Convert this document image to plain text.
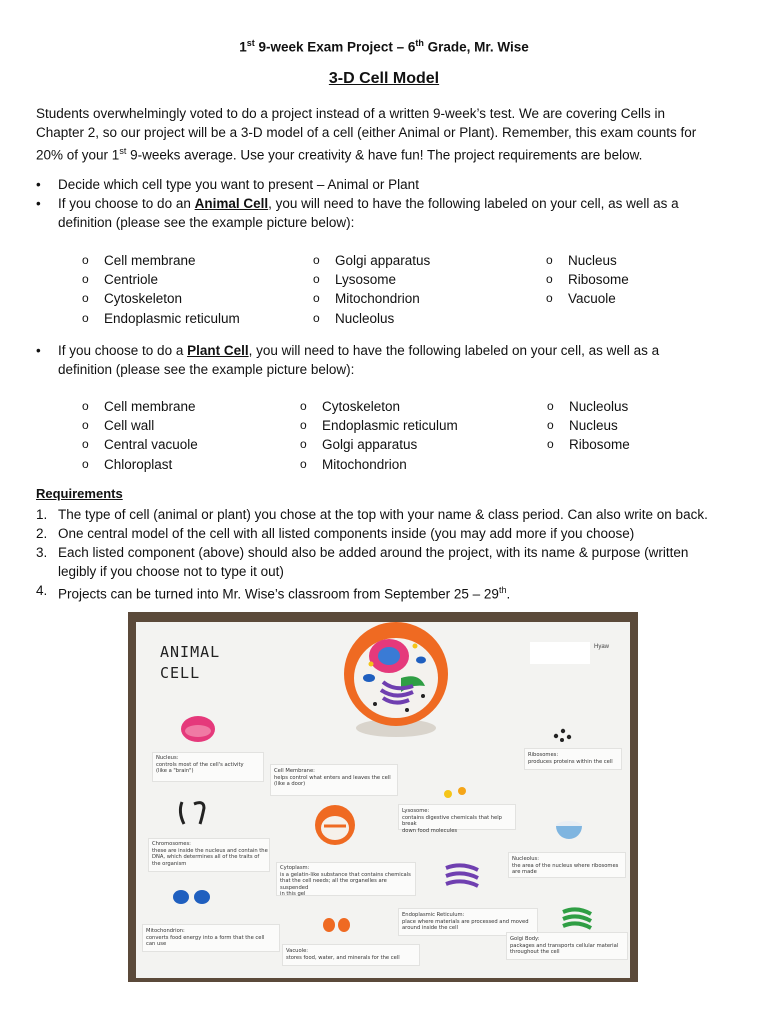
1st 9-week Exam Project – 6th Grade, Mr. Wise
3-D Cell Model
Students overwhelmingly voted to do a project instead of a written 9-week’s test. We are covering Cells in
Chapter 2, so our project will be a 3-D model of a cell (either Animal or Plant). Remember, this exam counts for
20% of your 1st 9-weeks average. Use your creativity & have fun! The project requirements are below.
• Decide which cell type you want to present – Animal or Plant
• If you choose to do an Animal Cell, you will need to have the following labeled on your cell, as well as a
definition (please see the example picture below):
o Cell membrane
o Centriole
o Cytoskeleton
o Endoplasmic reticulum
o Golgi apparatus
o Lysosome
o Mitochondrion
o Nucleolus
o Nucleus
o Ribosome
o Vacuole
• If you choose to do a Plant Cell, you will need to have the following labeled on your cell, as well as a
definition (please see the example picture below):
o Cell membrane
o Cell wall
o Central vacuole
o Chloroplast
o Cytoskeleton
o Endoplasmic reticulum
o Golgi apparatus
o Mitochondrion
o Nucleolus
o Nucleus
o Ribosome
Requirements
1. The type of cell (animal or plant) you chose at the top with your name & class period. Can also write on back.
2. One central model of the cell with all listed components inside (you may add more if you choose)
3. Each listed component (above) should also be added around the project, with its name & purpose (written
legibly if you choose not to type it out)
4. Projects can be turned into Mr. Wise’s classroom from September 25 – 29th.
ANIMAL
CELL
Hyaw
Nucleus:
controls most of the cell's activity
(like a "brain")	Cell Membrane:
helps control what enters and leaves the cell
(like a door)
Ribosomes:
produces proteins within the cell
Lysosome:
contains digestive chemicals that help break
down food molecules
Chromosomes:
these are inside the nucleus and contain the
DNA, which determines all of the traits of
the organism
Cytoplasm:
is a gelatin-like substance that contains chemicals
that the cell needs; all the organelles are suspended
in this gel
Nucleolus:
the area of the nucleus where ribosomes
are made
Endoplasmic Reticulum:
place where materials are processed and moved
around inside the cell
Mitochondrion:
converts food energy into a form that the cell
can use
Golgi Body:
packages and transports cellular material
throughout the cell
Vacuole:
stores food, water, and minerals for the cell
